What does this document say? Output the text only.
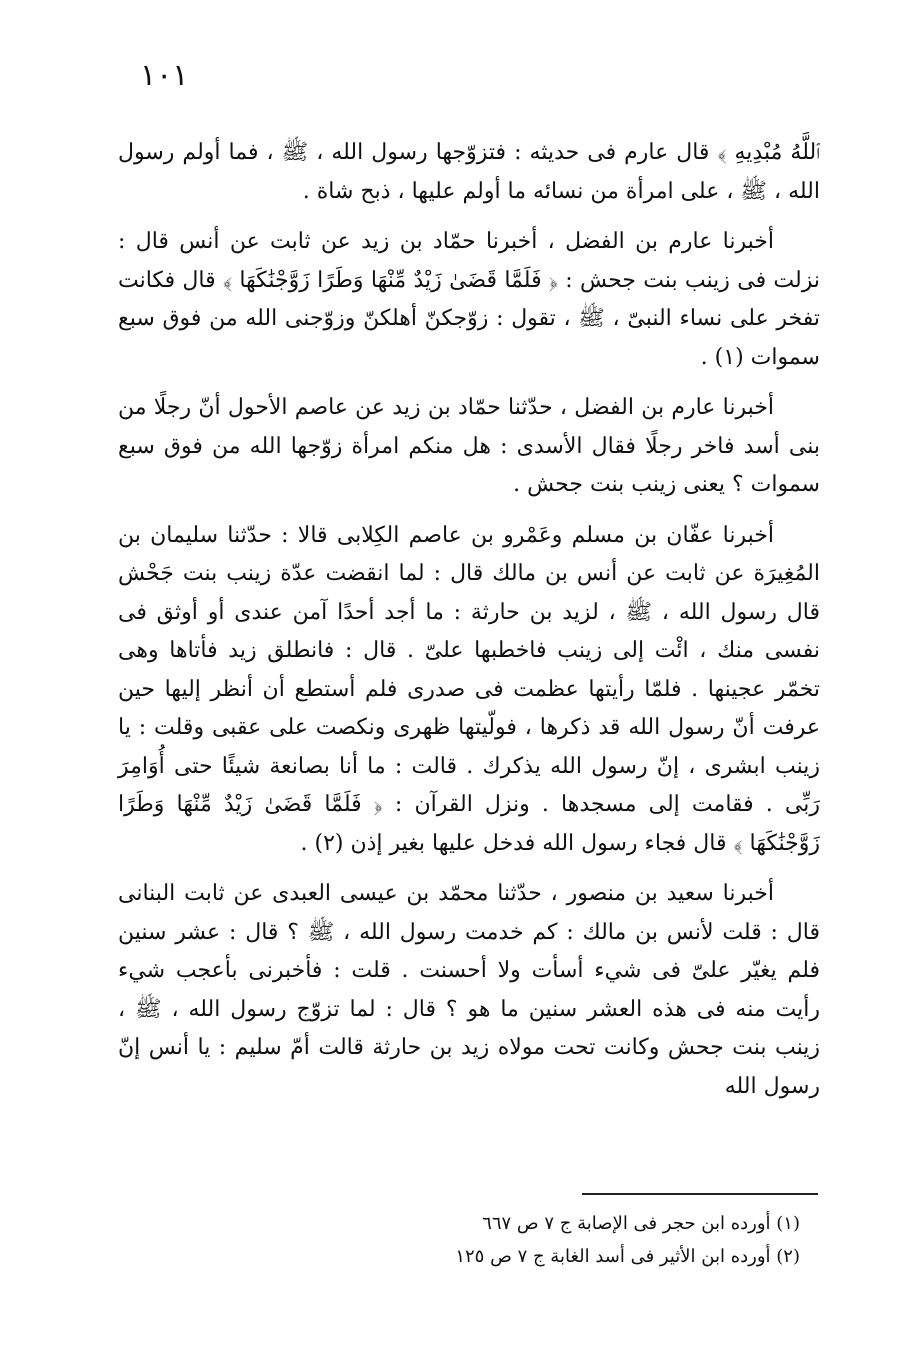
١٠١

ٱللَّهُ مُبْدِيهِ ﴾ قال عارم فى حديثه : فتزوّجها رسول الله ، ﷺ ، فما أولم رسول الله ، ﷺ ، على امرأة من نسائه ما أولم عليها ، ذبح شاة .

أخبرنا عارم بن الفضل ، أخبرنا حمّاد بن زيد عن ثابت عن أنس قال : نزلت فى زينب بنت جحش : ﴿ فَلَمَّا قَضَىٰ زَيْدٌ مِّنْهَا وَطَرًا زَوَّجْنَٰكَهَا ﴾ قال فكانت تفخر على نساء النبىّ ، ﷺ ، تقول : زوّجكنّ أهلكنّ وزوّجنى الله من فوق سبع سموات (١) .

أخبرنا عارم بن الفضل ، حدّثنا حمّاد بن زيد عن عاصم الأحول أنّ رجلًا من بنى أسد فاخر رجلًا فقال الأسدى : هل منكم امرأة زوّجها الله من فوق سبع سموات ؟ يعنى زينب بنت جحش .

أخبرنا عفّان بن مسلم وعَمْرو بن عاصم الكِلابى قالا : حدّثنا سليمان بن المُغِيرَة عن ثابت عن أنس بن مالك قال : لما انقضت عدّة زينب بنت جَحْش قال رسول الله ، ﷺ ، لزيد بن حارثة : ما أجد أحدًا آمن عندى أو أوثق فى نفسى منك ، ائْت إلى زينب فاخطبها علىّ . قال : فانطلق زيد فأتاها وهى تخمّر عجينها . فلمّا رأيتها عظمت فى صدرى فلم أستطع أن أنظر إليها حين عرفت أنّ رسول الله قد ذكرها ، فولّيتها ظهرى ونكصت على عقبى وقلت : يا زينب ابشرى ، إنّ رسول الله يذكرك . قالت : ما أنا بصانعة شيئًا حتى أُوَامِرَ رَبِّى . فقامت إلى مسجدها . ونزل القرآن : ﴿ فَلَمَّا قَضَىٰ زَيْدٌ مِّنْهَا وَطَرًا زَوَّجْنَٰكَهَا ﴾ قال فجاء رسول الله فدخل عليها بغير إذن (٢) .

أخبرنا سعيد بن منصور ، حدّثنا محمّد بن عيسى العبدى عن ثابت البنانى قال : قلت لأنس بن مالك : كم خدمت رسول الله ، ﷺ ؟ قال : عشر سنين فلم يغيّر علىّ فى شيء أسأت ولا أحسنت . قلت : فأخبرنى بأعجب شيء رأيت منه فى هذه العشر سنين ما هو ؟ قال : لما تزوّج رسول الله ، ﷺ ، زينب بنت جحش وكانت تحت مولاه زيد بن حارثة قالت أمّ سليم : يا أنس إنّ رسول الله

(١) أورده ابن حجر فى الإصابة ج ٧ ص ٦٦٧

(٢) أورده ابن الأثير فى أسد الغابة ج ٧ ص ١٢٥
